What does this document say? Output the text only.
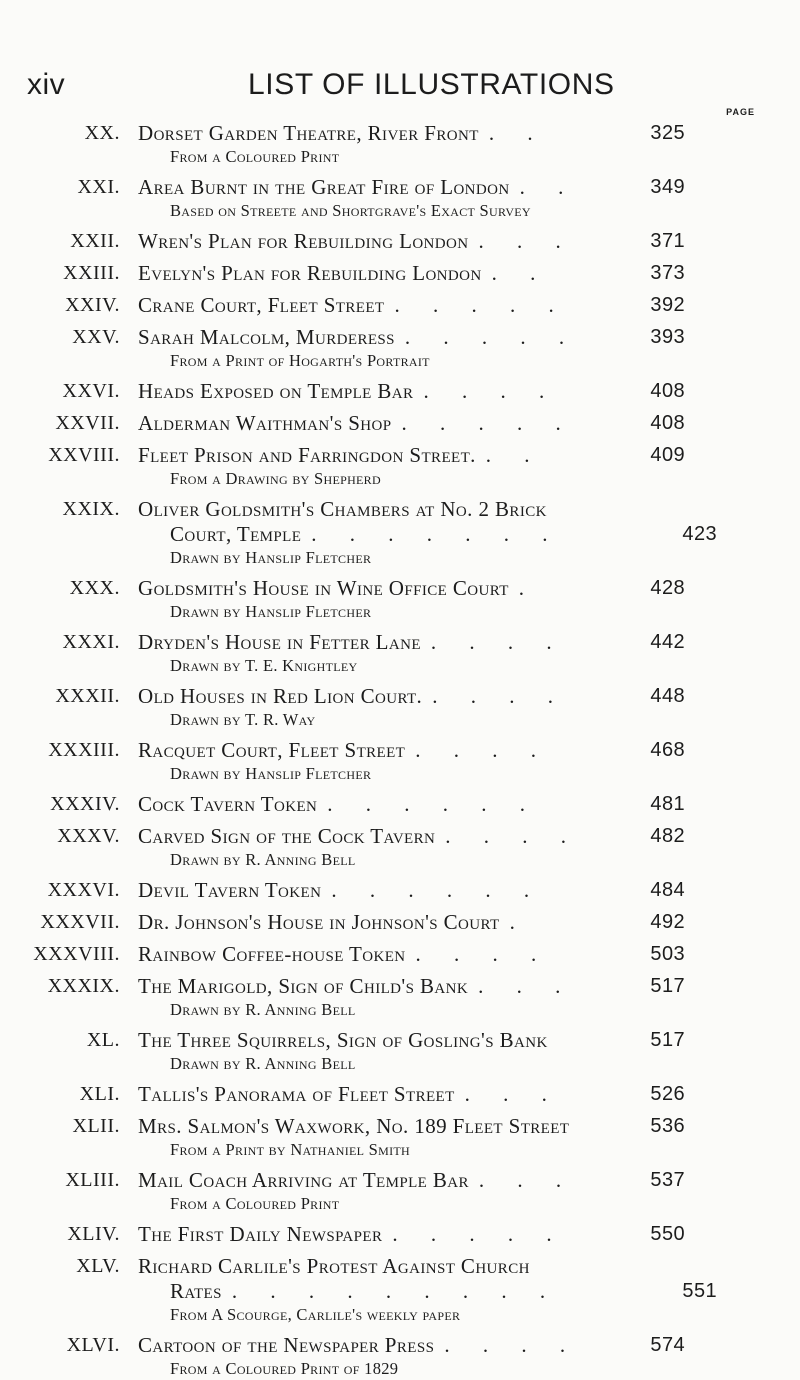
xiv	LIST OF ILLUSTRATIONS
PAGE
XX. Dorset Garden Theatre, River Front . .	325
From a Coloured Print
XXI. Area Burnt in the Great Fire of London . .	349
Based on Streete and Shortgrave's Exact Survey
XXII. Wren's Plan for Rebuilding London . . .	371
XXIII. Evelyn's Plan for Rebuilding London . .	373
XXIV. Crane Court, Fleet Street . . . . .	392
XXV. Sarah Malcolm, Murderess . . . . .	393
From a Print of Hogarth's Portrait
XXVI. Heads Exposed on Temple Bar . . . .	408
XXVII. Alderman Waithman's Shop . . . . .	408
XXVIII. Fleet Prison and Farringdon Street. . .	409
From a Drawing by Shepherd
XXIX. Oliver Goldsmith's Chambers at No. 2 Brick
Court, Temple . . . . . . .	423
Drawn by Hanslip Fletcher
XXX. Goldsmith's House in Wine Office Court .	428
Drawn by Hanslip Fletcher
XXXI. Dryden's House in Fetter Lane . . . .	442
Drawn by T. E. Knightley
XXXII. Old Houses in Red Lion Court. . . . .	448
Drawn by T. R. Way
XXXIII. Racquet Court, Fleet Street . . . .	468
Drawn by Hanslip Fletcher
XXXIV. Cock Tavern Token . . . . . .	481
XXXV. Carved Sign of the Cock Tavern . . . .	482
Drawn by R. Anning Bell
XXXVI. Devil Tavern Token . . . . . .	484
XXXVII. Dr. Johnson's House in Johnson's Court .	492
XXXVIII. Rainbow Coffee-house Token . . . .	503
XXXIX. The Marigold, Sign of Child's Bank . . .	517
Drawn by R. Anning Bell
XL. The Three Squirrels, Sign of Gosling's Bank	517
Drawn by R. Anning Bell
XLI. Tallis's Panorama of Fleet Street . . .	526
XLII. Mrs. Salmon's Waxwork, No. 189 Fleet Street	536
From a Print by Nathaniel Smith
XLIII. Mail Coach Arriving at Temple Bar . . .	537
From a Coloured Print
XLIV. The First Daily Newspaper . . . . .	550
XLV. Richard Carlile's Protest Against Church
Rates . . . . . . . . .	551
From A Scourge, Carlile's weekly paper
XLVI. Cartoon of the Newspaper Press . . . .	574
From a Coloured Print of 1829
